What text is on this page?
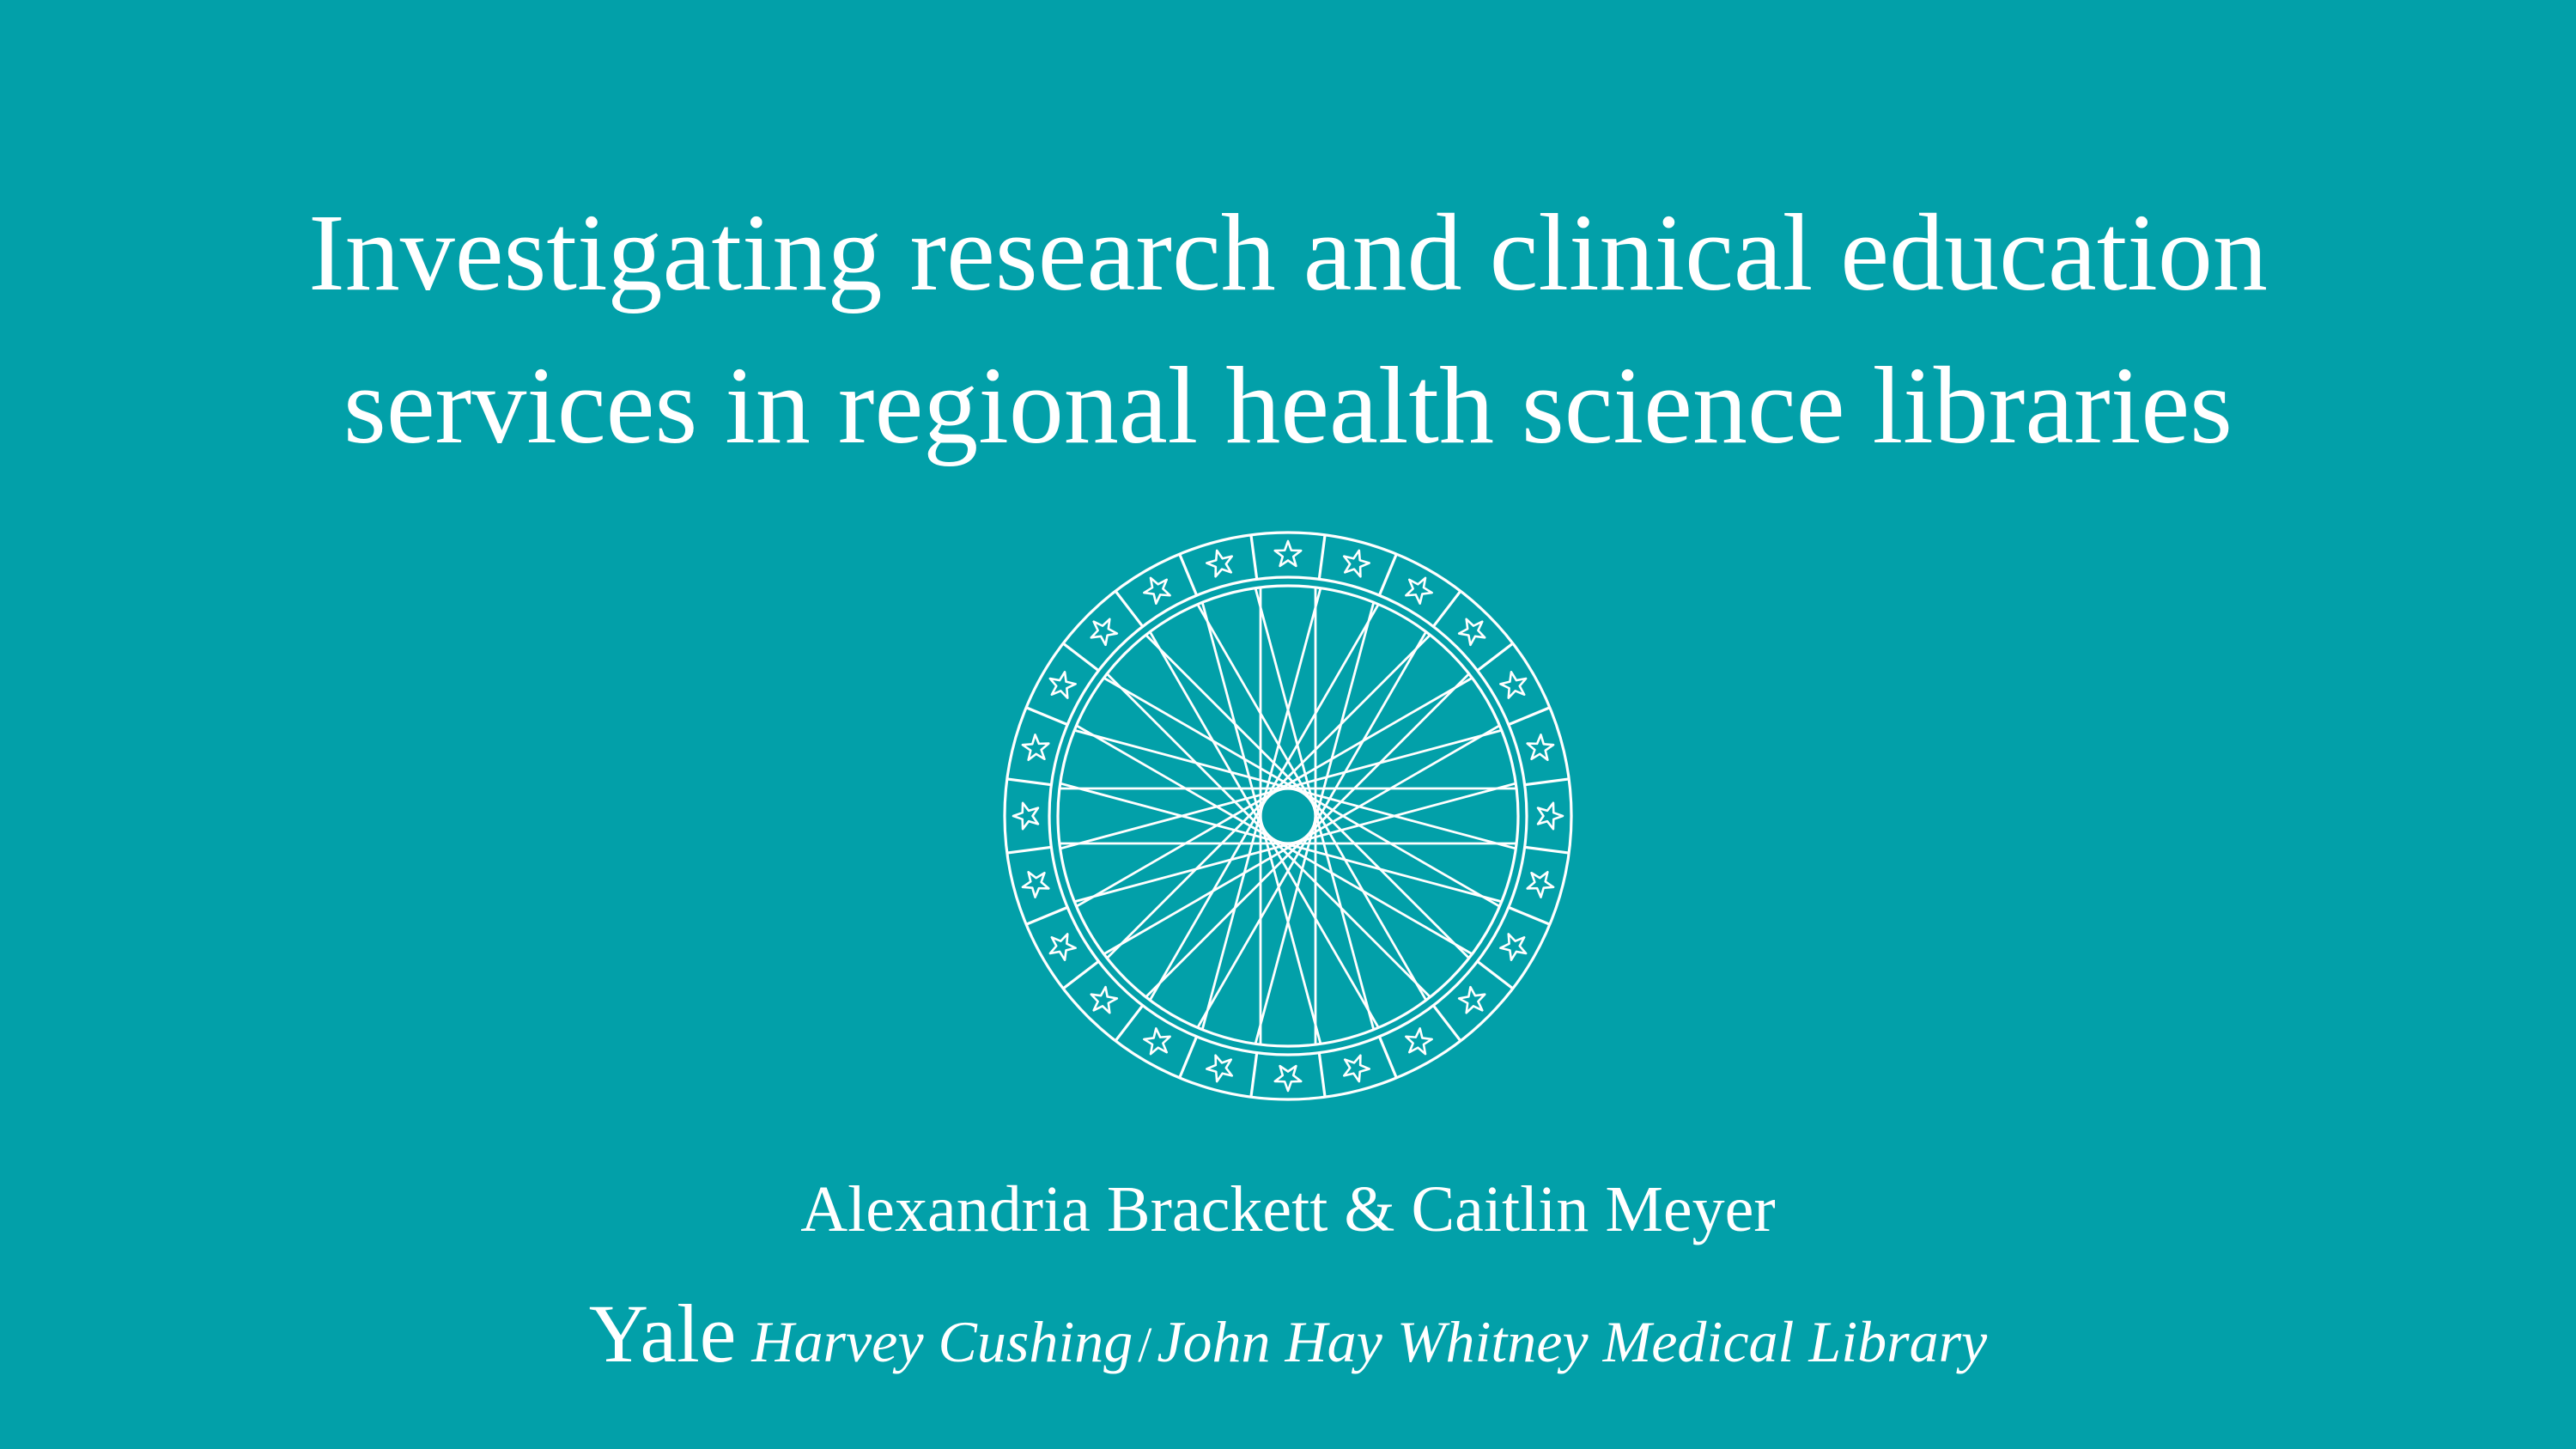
Investigating research and clinical education
services in regional health science libraries
Alexandria Brackett & Caitlin Meyer
Yale Harvey Cushing /John Hay Whitney Medical Library
